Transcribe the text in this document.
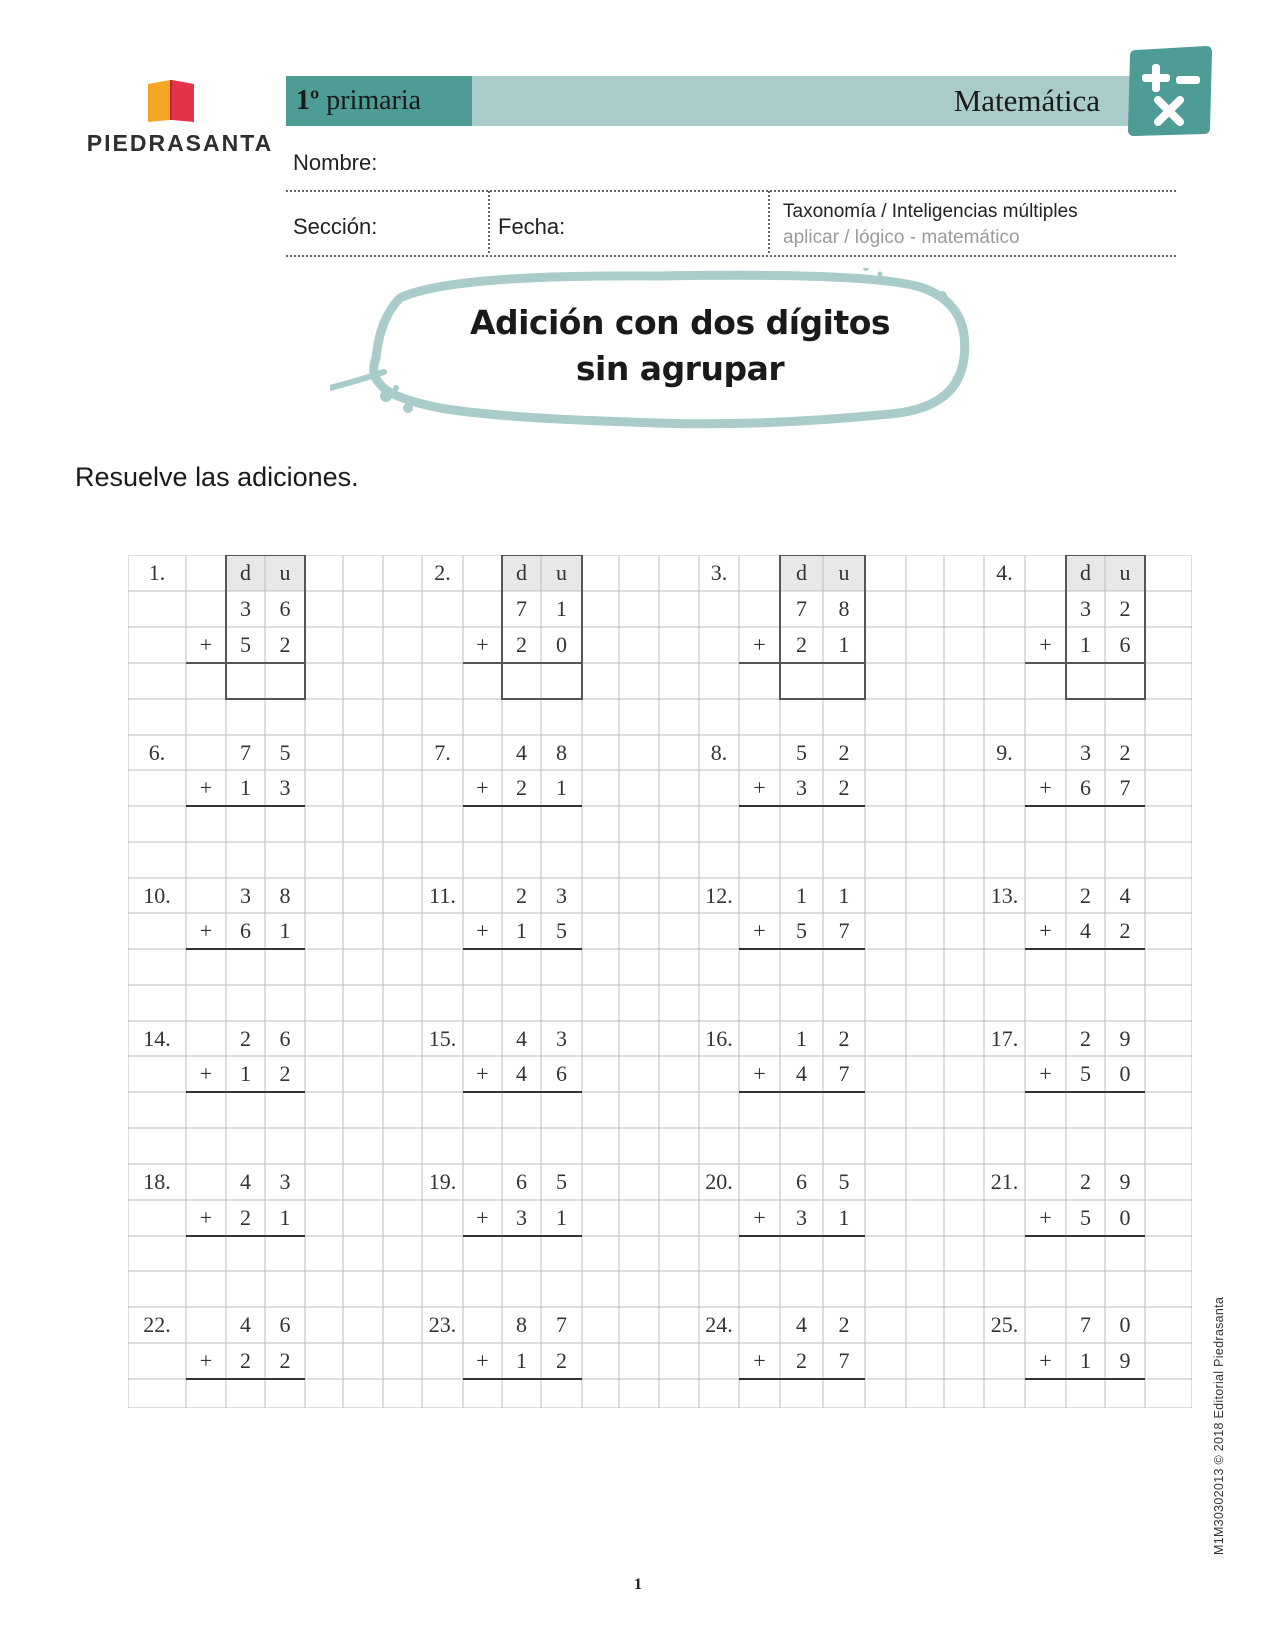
PIEDRASANTA
1º primaria	Matemática
Nombre:
Sección:	Fecha:
Taxonomía / Inteligencias múltiples
aplicar / lógico - matemático
Adición con dos dígitos
sin agrupar
Resuelve las adiciones.
1.	d	u
3	6
+	5	2
2.	d	u
7	1
+	2	0
3.	d	u
7	8
+	2	1
4.	d	u
3	2
+	1	6
6.	7	5
+	1	3
7.	4	8
+	2	1
8.	5	2
+	3	2
9.	3	2
+	6	7
10.	3	8
+	6	1
11.	2	3
+	1	5
12.	1	1
+	5	7
13.	2	4
+	4	2
14.	2	6
+	1	2
15.	4	3
+	4	6
16.	1	2
+	4	7
17.	2	9
+	5	0
18.	4	3
+	2	1
19.	6	5
+	3	1
20.	6	5
+	3	1
21.	2	9
+	5	0
22.	4	6
+	2	2
23.	8	7
+	1	2
24.	4	2
+	2	7
25.	7	0
+	1	9
1
M1M3030201​3 © 2018 Editorial Piedrasanta
